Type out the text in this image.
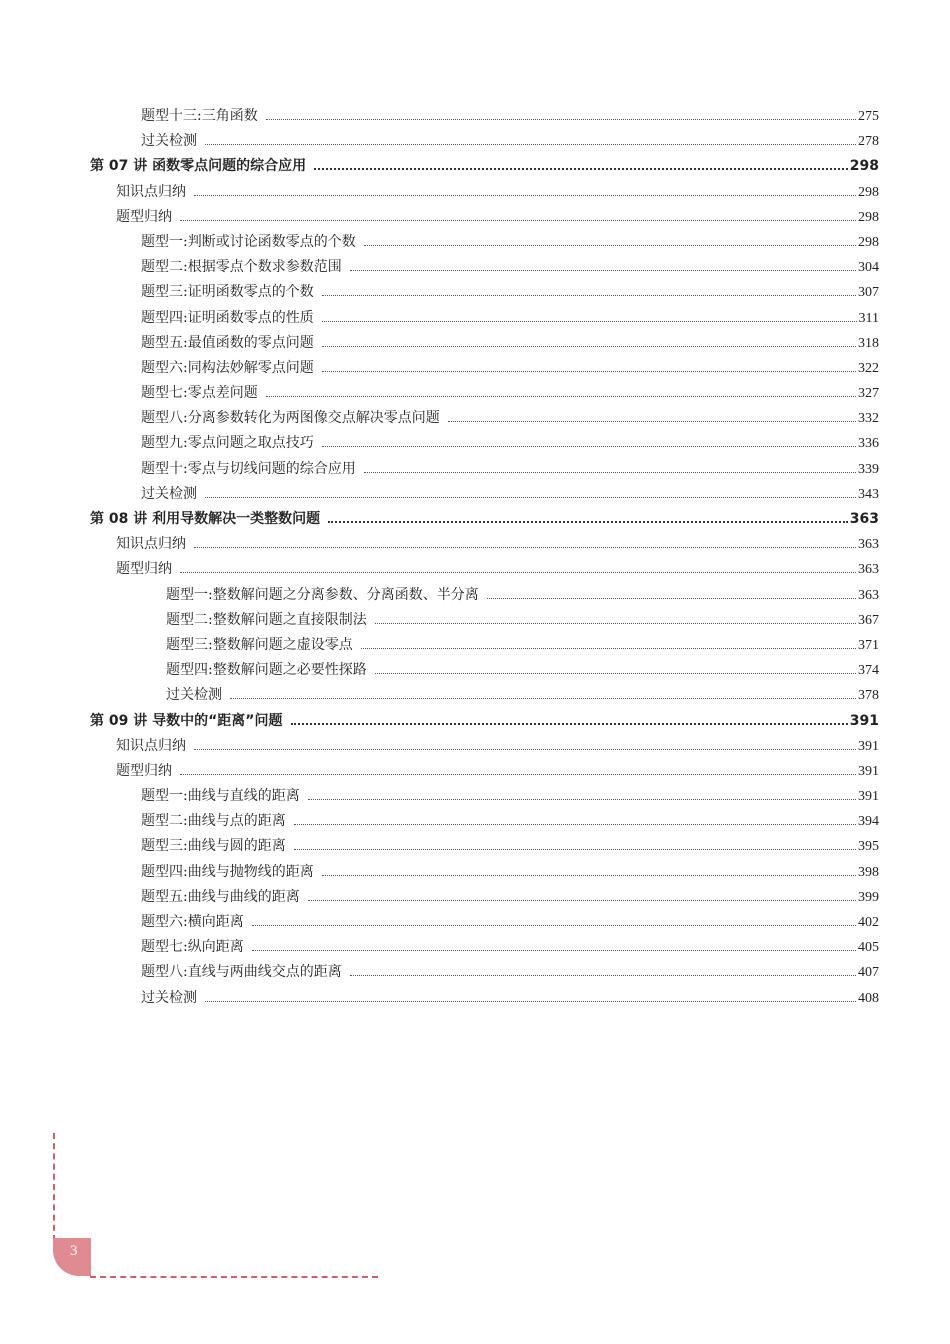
题型十三:三角函数	275
过关检测	278
第 07 讲 函数零点问题的综合应用	298
知识点归纳	298
题型归纳	298
题型一:判断或讨论函数零点的个数	298
题型二:根据零点个数求参数范围	304
题型三:证明函数零点的个数	307
题型四:证明函数零点的性质	311
题型五:最值函数的零点问题	318
题型六:同构法妙解零点问题	322
题型七:零点差问题	327
题型八:分离参数转化为两图像交点解决零点问题	332
题型九:零点问题之取点技巧	336
题型十:零点与切线问题的综合应用	339
过关检测	343
第 08 讲 利用导数解决一类整数问题	363
知识点归纳	363
题型归纳	363
题型一:整数解问题之分离参数、分离函数、半分离	363
题型二:整数解问题之直接限制法	367
题型三:整数解问题之虚设零点	371
题型四:整数解问题之必要性探路	374
过关检测	378
第 09 讲 导数中的“距离”问题	391
知识点归纳	391
题型归纳	391
题型一:曲线与直线的距离	391
题型二:曲线与点的距离	394
题型三:曲线与圆的距离	395
题型四:曲线与抛物线的距离	398
题型五:曲线与曲线的距离	399
题型六:横向距离	402
题型七:纵向距离	405
题型八:直线与两曲线交点的距离	407
过关检测	408
3
